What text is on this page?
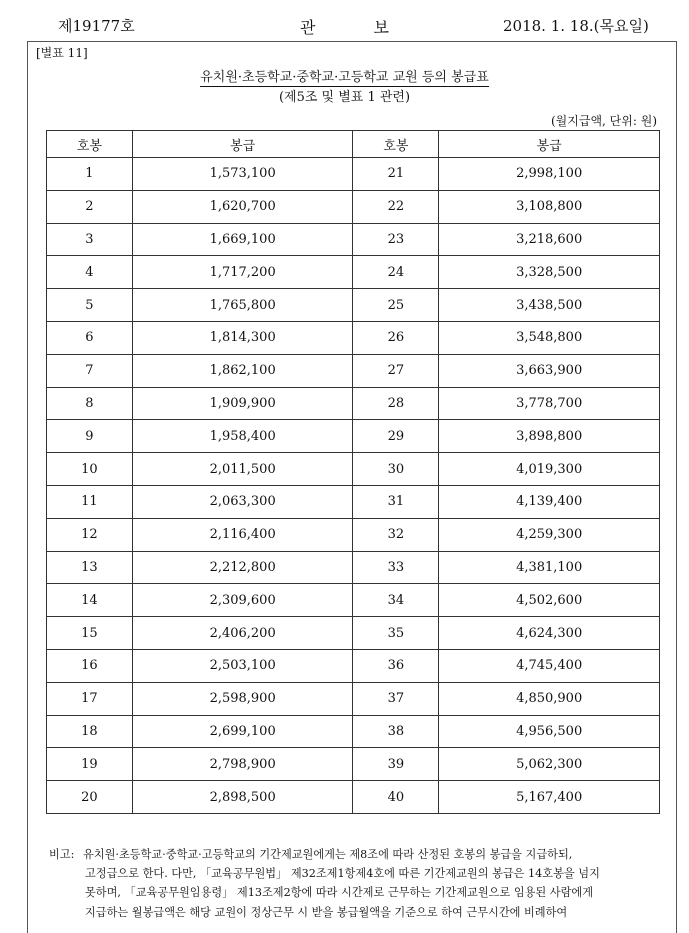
제19177호	관보	2018. 1. 18.(목요일)
[별표 11]
유치원·초등학교·중학교·고등학교 교원 등의 봉급표
(제5조 및 별표 1 관련)
(월지급액, 단위: 원)
호봉	봉급	호봉	봉급
1	1,573,100	21	2,998,100
2	1,620,700	22	3,108,800
3	1,669,100	23	3,218,600
4	1,717,200	24	3,328,500
5	1,765,800	25	3,438,500
6	1,814,300	26	3,548,800
7	1,862,100	27	3,663,900
8	1,909,900	28	3,778,700
9	1,958,400	29	3,898,800
10	2,011,500	30	4,019,300
11	2,063,300	31	4,139,400
12	2,116,400	32	4,259,300
13	2,212,800	33	4,381,100
14	2,309,600	34	4,502,600
15	2,406,200	35	4,624,300
16	2,503,100	36	4,745,400
17	2,598,900	37	4,850,900
18	2,699,100	38	4,956,500
19	2,798,900	39	5,062,300
20	2,898,500	40	5,167,400
비고: 유치원·초등학교·중학교·고등학교의 기간제교원에게는 제8조에 따라 산정된 호봉의 봉급을 지급하되,
고정급으로 한다. 다만, 「교육공무원법」 제32조제1항제4호에 따른 기간제교원의 봉급은 14호봉을 넘지
못하며, 「교육공무원임용령」 제13조제2항에 따라 시간제로 근무하는 기간제교원으로 임용된 사람에게
지급하는 월봉급액은 해당 교원이 정상근무 시 받을 봉급월액을 기준으로 하여 근무시간에 비례하여
